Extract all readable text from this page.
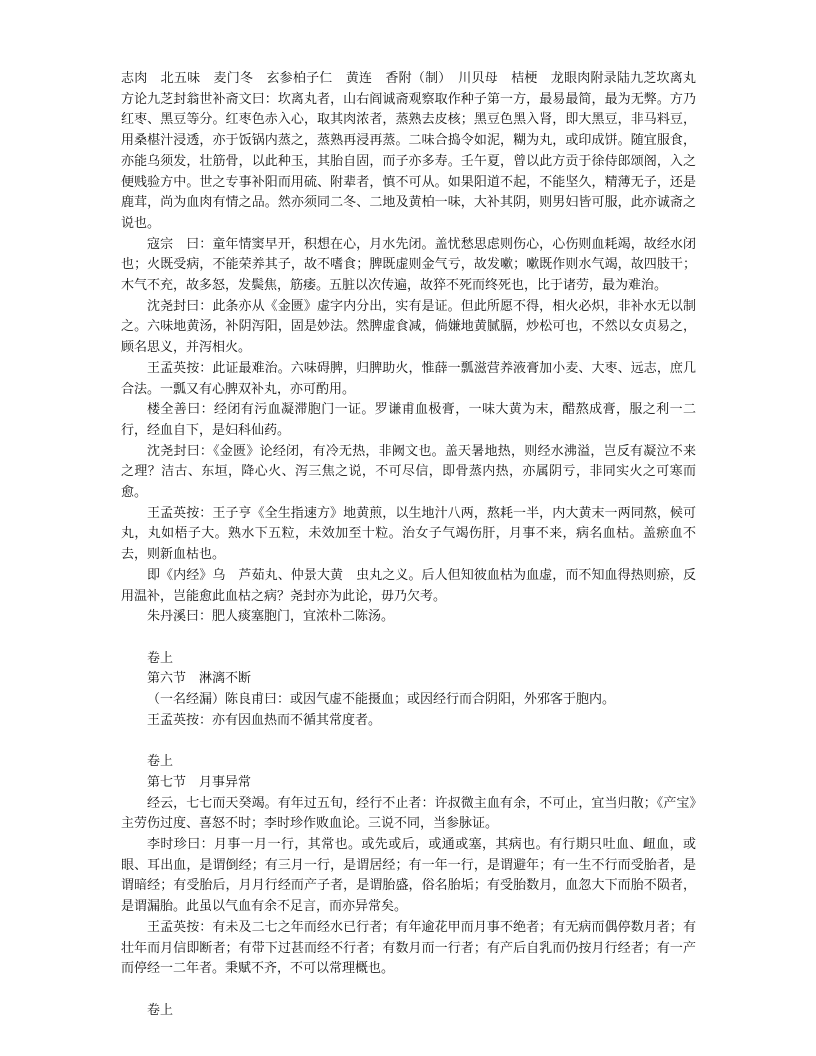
志肉　北五味　麦门冬　玄参柏子仁　黄连　香附（制）　川贝母　桔梗　龙眼肉附录陆九芝坎离丸方论九芝封翁世补斋文曰：坎离丸者，山右阎诚斋观察取作种子第一方，最易最简，最为无弊。方乃红枣、黑豆等分。红枣色赤入心，取其肉浓者，蒸熟去皮核；黑豆色黑入肾，即大黑豆，非马料豆，用桑椹汁浸透，亦于饭锅内蒸之，蒸熟再浸再蒸。二味合捣令如泥，糊为丸，或印成饼。随宜服食，亦能乌须发，壮筋骨，以此种玉，其胎自固，而子亦多寿。壬午夏，曾以此方贡于徐侍郎颂阁，入之便贱验方中。世之专事补阳而用硫、附辈者，慎不可从。如果阳道不起，不能坚久，精薄无子，还是鹿茸，尚为血肉有情之品。然亦须同二冬、二地及黄柏一味，大补其阴，则男妇皆可服，此亦诚斋之说也。

寇宗　曰：童年情窦早开，积想在心，月水先闭。盖忧愁思虑则伤心，心伤则血耗竭，故经水闭也；火既受病，不能荣养其子，故不嗜食；脾既虚则金气亏，故发嗽；嗽既作则水气竭，故四肢干；木气不充，故多怒，发鬓焦，筋痿。五脏以次传遍，故猝不死而终死也，比于诸劳，最为难治。

沈尧封曰：此条亦从《金匮》虚字内分出，实有是证。但此所愿不得，相火必炽，非补水无以制之。六味地黄汤，补阴泻阳，固是妙法。然脾虚食减，倘嫌地黄腻膈，炒松可也，不然以女贞易之，顾名思义，并泻相火。

王孟英按：此证最难治。六味碍脾，归脾助火，惟薛一瓢滋营养液膏加小麦、大枣、远志，庶几合法。一瓢又有心脾双补丸，亦可酌用。

楼全善曰：经闭有污血凝滞胞门一证。罗谦甫血极膏，一味大黄为末，醋熬成膏，服之利一二行，经血自下，是妇科仙药。

沈尧封曰：《金匮》论经闭，有冷无热，非阙文也。盖天暑地热，则经水沸溢，岂反有凝泣不来之理？洁古、东垣，降心火、泻三焦之说，不可尽信，即骨蒸内热，亦属阴亏，非同实火之可寒而愈。

王孟英按：王子亨《全生指速方》地黄煎，以生地汁八两，熬耗一半，内大黄末一两同熬，候可丸，丸如梧子大。熟水下五粒，未效加至十粒。治女子气竭伤肝，月事不来，病名血枯。盖瘀血不去，则新血枯也。

即《内经》乌　芦茹丸、仲景大黄　虫丸之义。后人但知彼血枯为血虚，而不知血得热则瘀，反用温补，岂能愈此血枯之病？尧封亦为此论，毋乃欠考。

朱丹溪曰：肥人痰塞胞门，宜浓朴二陈汤。

卷上

第六节　淋漓不断

（一名经漏）陈良甫曰：或因气虚不能摄血；或因经行而合阴阳，外邪客于胞内。

王孟英按：亦有因血热而不循其常度者。

卷上

第七节　月事异常

经云，七七而天癸竭。有年过五旬，经行不止者：许叔微主血有余，不可止，宜当归散；《产宝》主劳伤过度、喜怒不时；李时珍作败血论。三说不同，当参脉证。

李时珍曰：月事一月一行，其常也。或先或后，或通或塞，其病也。有行期只吐血、衄血，或眼、耳出血，是谓倒经；有三月一行，是谓居经；有一年一行，是谓避年；有一生不行而受胎者，是谓暗经；有受胎后，月月行经而产子者，是谓胎盛，俗名胎垢；有受胎数月，血忽大下而胎不陨者，是谓漏胎。此虽以气血有余不足言，而亦异常矣。

王孟英按：有未及二七之年而经水已行者；有年逾花甲而月事不绝者；有无病而偶停数月者；有壮年而月信即断者；有带下过甚而经不行者；有数月而一行者；有产后自乳而仍按月行经者；有一产而停经一二年者。秉赋不齐，不可以常理概也。

卷上
